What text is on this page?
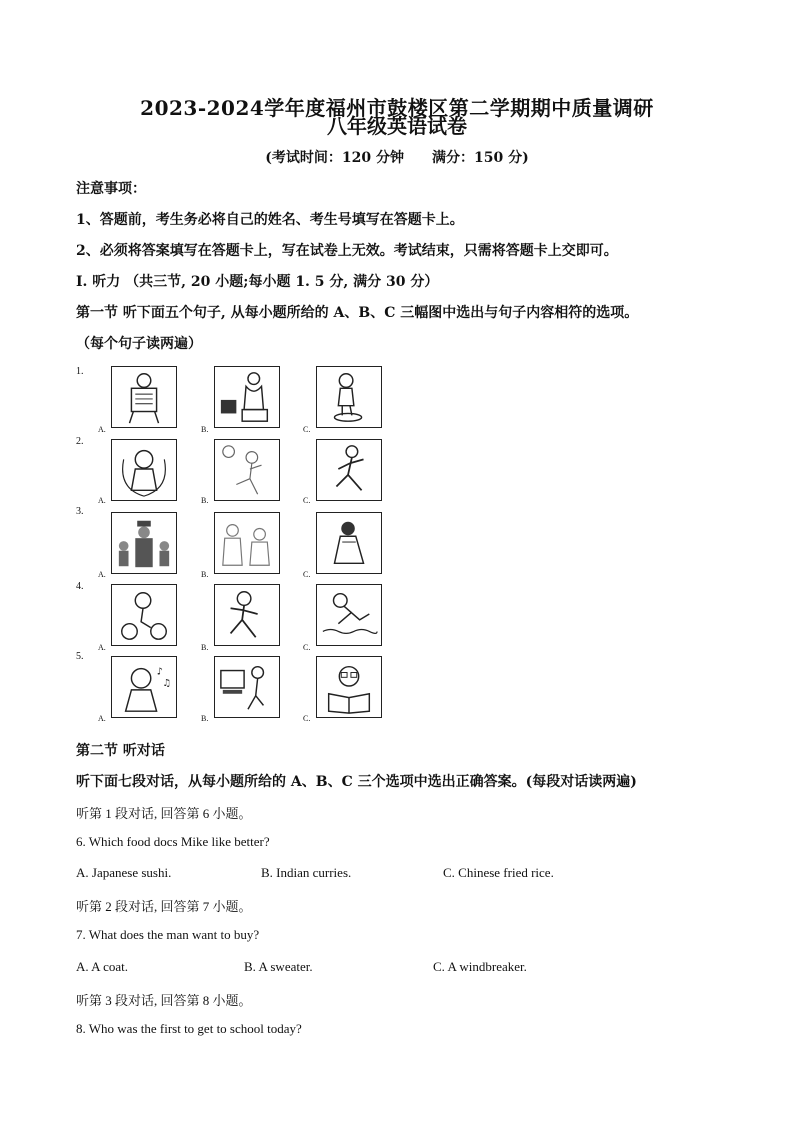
2023-2024学年度福州市鼓楼区第二学期期中质量调研
八年级英语试卷
(考试时间：120 分钟　　满分：150 分)
注意事项：
1、答题前，考生务必将自己的姓名、考生号填写在答题卡上。
2、必须将答案填写在答题卡上，写在试卷上无效。考试结束，只需将答题卡上交即可。
I. 听力 （共三节, 20 小题;每小题 1. 5 分, 满分 30 分）
第一节 听下面五个句子, 从每小题所给的 A、B、C 三幅图中选出与句子内容相符的选项。
（每个句子读两遍）
1.
A.	B.	C.
2.
A.	B.	C.
3.
A.	B.	C.
4.
A.	B.	C.
5.
♪
♫
A.	B.	C.
第二节 听对话
听下面七段对话，从每小题所给的 A、B、C 三个选项中选出正确答案。(每段对话读两遍)
听第 1 段对话, 回答第 6 小题。
6. Which food docs Mike like better?
A. Japanese sushi.	B. Indian curries.	C. Chinese fried rice.
听第 2 段对话, 回答第 7 小题。
7. What does the man want to buy?
A. A coat.	B. A sweater.	C. A windbreaker.
听第 3 段对话, 回答第 8 小题。
8. Who was the first to get to school today?
